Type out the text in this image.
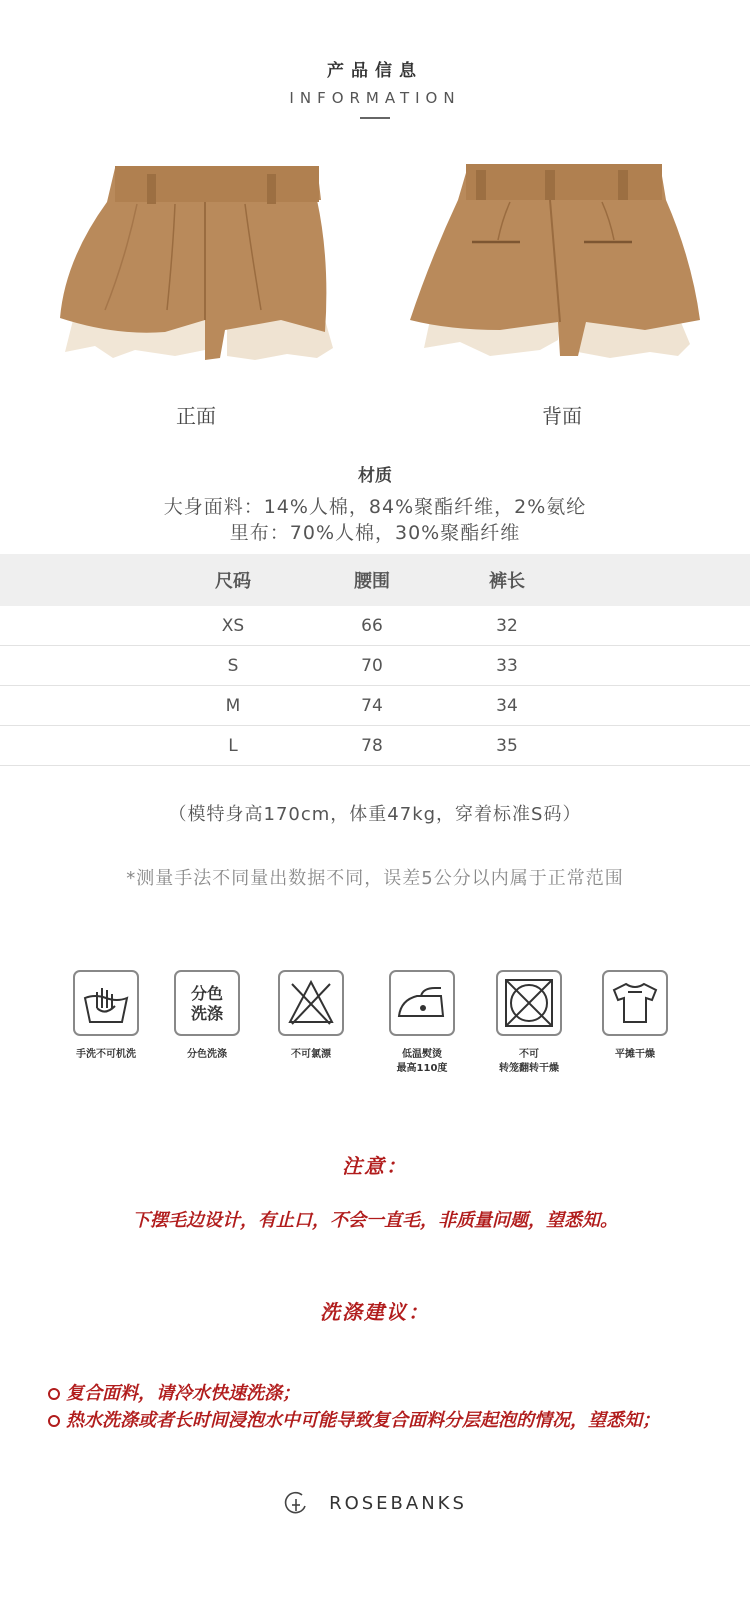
产品信息
INFORMATION
正面	背面
材质
大身面料：14%人棉，84%聚酯纤维，2%氨纶
里布：70%人棉，30%聚酯纤维
尺码	腰围	裤长
XS	66	32
S	70	33
M	74	34
L	78	35
（模特身高170cm，体重47kg，穿着标准S码）
*测量手法不同量出数据不同，误差5公分以内属于正常范围
手洗不可机洗
分色
洗涤
分色洗涤	不可氯漂	低温熨烫
最高110度
不可
转笼翻转干燥
平摊干燥
注意：
下摆毛边设计，有止口，不会一直毛，非质量问题，望悉知。
洗涤建议：
复合面料，请冷水快速洗涤；
热水洗涤或者长时间浸泡水中可能导致复合面料分层起泡的情况，望悉知；
ROSEBANKS
